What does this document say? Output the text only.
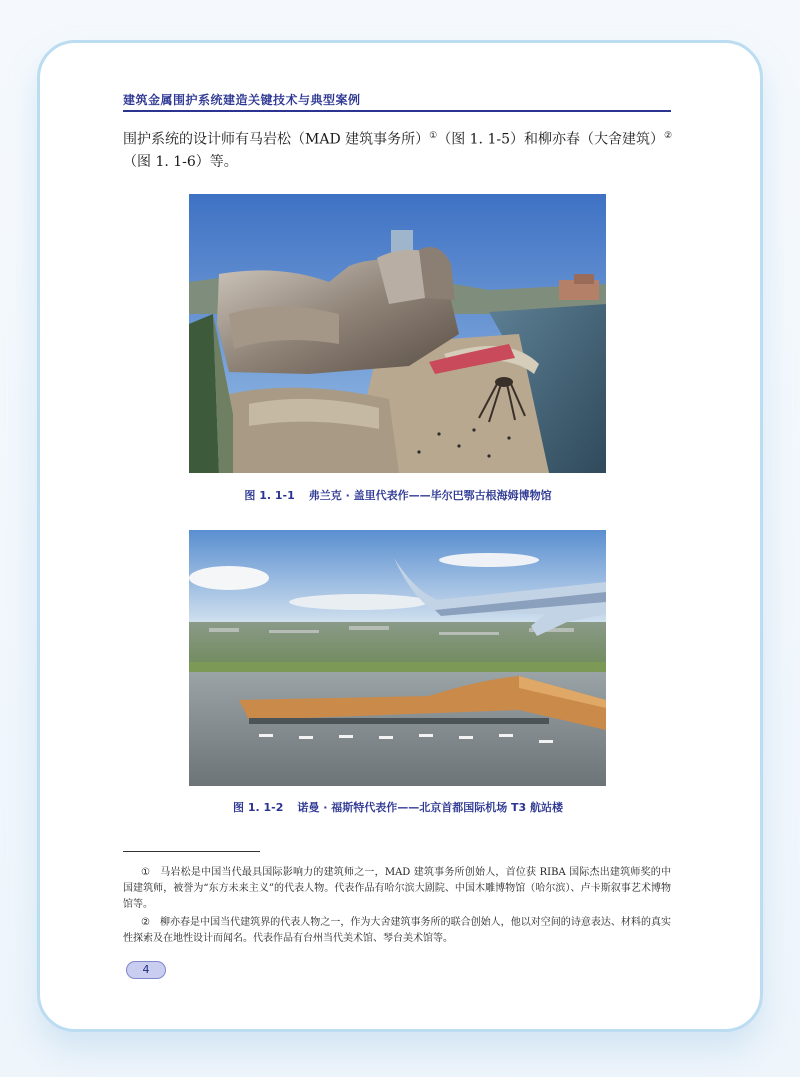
建筑金属围护系统建造关键技术与典型案例
围护系统的设计师有马岩松（MAD 建筑事务所）①（图 1. 1-5）和柳亦春（大舍建筑）②
（图 1. 1-6）等。
图 1. 1-1 弗兰克 · 盖里代表作——毕尔巴鄂古根海姆博物馆
图 1. 1-2 诺曼 · 福斯特代表作——北京首都国际机场 T3 航站楼

① 马岩松是中国当代最具国际影响力的建筑师之一，MAD 建筑事务所创始人，首位获 RIBA 国际杰出建筑师奖的中国建筑师，被誉为“东方未来主义”的代表人物。代表作品有哈尔滨大剧院、中国木雕博物馆（哈尔滨）、卢卡斯叙事艺术博物馆等。

② 柳亦春是中国当代建筑界的代表人物之一，作为大舍建筑事务所的联合创始人，他以对空间的诗意表达、材料的真实性探索及在地性设计而闻名。代表作品有台州当代美术馆、琴台美术馆等。

4
